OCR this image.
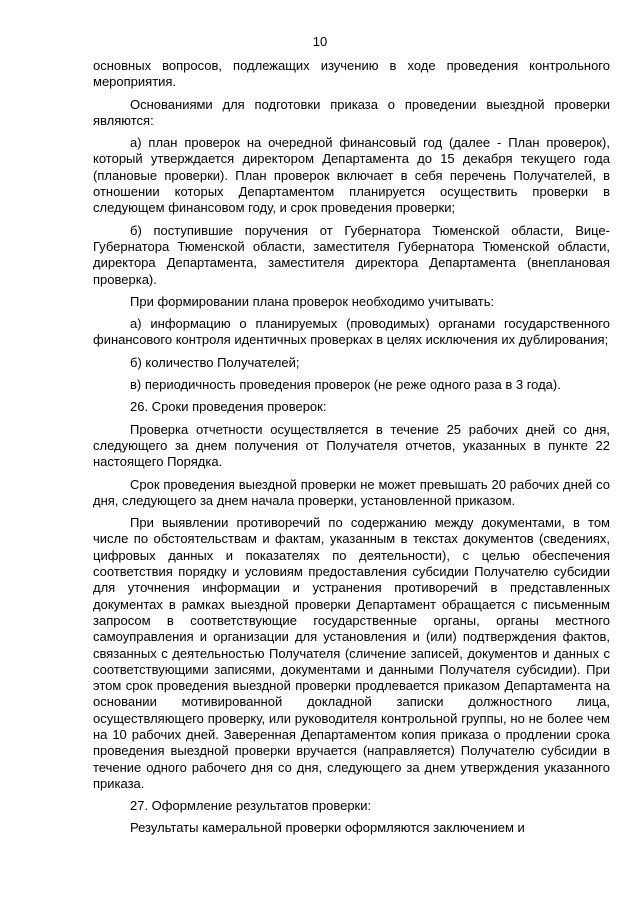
10

основных вопросов, подлежащих изучению в ходе проведения контрольного мероприятия.

Основаниями для подготовки приказа о проведении выездной проверки являются:

а) план проверок на очередной финансовый год (далее - План проверок), который утверждается директором Департамента до 15 декабря текущего года (плановые проверки). План проверок включает в себя перечень Получателей, в отношении которых Департаментом планируется осуществить проверки в следующем финансовом году, и срок проведения проверки;

б) поступившие поручения от Губернатора Тюменской области, Вице-Губернатора Тюменской области, заместителя Губернатора Тюменской области, директора Департамента, заместителя директора Департамента (внеплановая проверка).

При формировании плана проверок необходимо учитывать:

а) информацию о планируемых (проводимых) органами государственного финансового контроля идентичных проверках в целях исключения их дублирования;

б) количество Получателей;

в) периодичность проведения проверок (не реже одного раза в 3 года).

26. Сроки проведения проверок:

Проверка отчетности осуществляется в течение 25 рабочих дней со дня, следующего за днем получения от Получателя отчетов, указанных в пункте 22 настоящего Порядка.

Срок проведения выездной проверки не может превышать 20 рабочих дней со дня, следующего за днем начала проверки, установленной приказом.

При выявлении противоречий по содержанию между документами, в том числе по обстоятельствам и фактам, указанным в текстах документов (сведениях, цифровых данных и показателях по деятельности), с целью обеспечения соответствия порядку и условиям предоставления субсидии Получателю субсидии для уточнения информации и устранения противоречий в представленных документах в рамках выездной проверки Департамент обращается с письменным запросом в соответствующие государственные органы, органы местного самоуправления и организации для установления и (или) подтверждения фактов, связанных с деятельностью Получателя (сличение записей, документов и данных с соответствующими записями, документами и данными Получателя субсидии). При этом срок проведения выездной проверки продлевается приказом Департамента на основании мотивированной докладной записки должностного лица, осуществляющего проверку, или руководителя контрольной группы, но не более чем на 10 рабочих дней. Заверенная Департаментом копия приказа о продлении срока проведения выездной проверки вручается (направляется) Получателю субсидии в течение одного рабочего дня со дня, следующего за днем утверждения указанного приказа.

27. Оформление результатов проверки:

Результаты камеральной проверки оформляются заключением и
